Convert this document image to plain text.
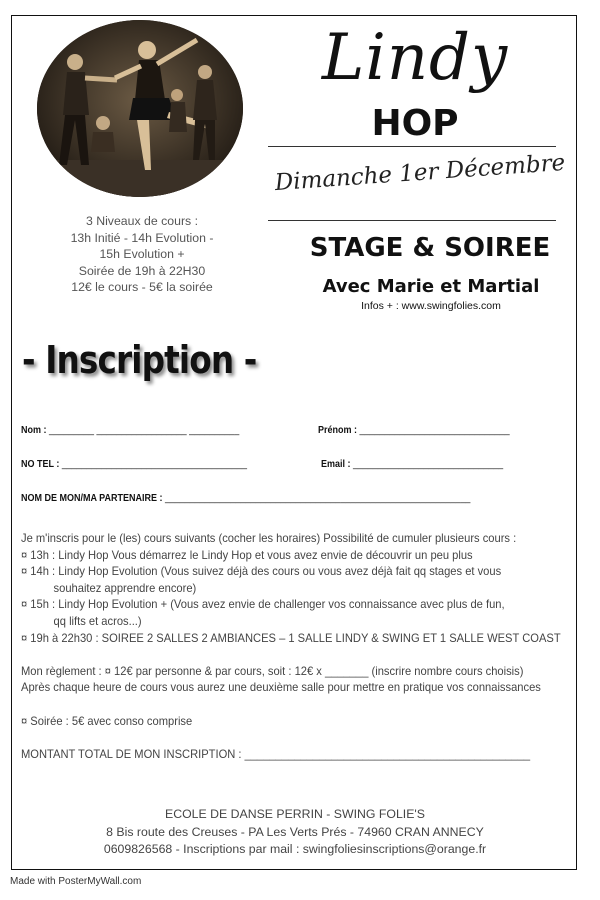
3 Niveaux de cours :
13h Initié - 14h Evolution -
15h Evolution +
Soirée de 19h à 22H30
12€ le cours - 5€ la soirée
Lindy
HOP
Dimanche 1er Décembre
STAGE & SOIREE
Avec Marie et Martial
Infos + : www.swingfolies.com
- Inscription -
Nom : _________ __________________ __________	Prénom : ______________________________
NO TEL : _____________________________________	Email : ______________________________
NOM DE MON/MA PARTENAIRE : _____________________________________________________________
Je m'inscris pour le (les) cours suivants (cocher les horaires) Possibilité de cumuler plusieurs cours :
¤ 13h : Lindy Hop Vous démarrez le Lindy Hop et vous avez envie de découvrir un peu plus
¤ 14h : Lindy Hop Evolution (Vous suivez déjà des cours ou vous avez déjà fait qq stages et vous
souhaitez apprendre encore)
¤ 15h : Lindy Hop Evolution + (Vous avez envie de challenger vos connaissance avec plus de fun,
qq lifts et acros...)
¤ 19h à 22h30 : SOIREE 2 SALLES 2 AMBIANCES – 1 SALLE LINDY & SWING ET 1 SALLE WEST COAST
Mon règlement : ¤ 12€ par personne & par cours, soit : 12€ x _______ (inscrire nombre cours choisis)
Après chaque heure de cours vous aurez une deuxième salle pour mettre en pratique vos connaissances
¤ Soirée : 5€ avec conso comprise
MONTANT TOTAL DE MON INSCRIPTION : ______________________________________________
ECOLE DE DANSE PERRIN - SWING FOLIE'S
8 Bis route des Creuses - PA Les Verts Prés - 74960 CRAN ANNECY
0609826568 - Inscriptions par mail : swingfoliesinscriptions@orange.fr
Made with PosterMyWall.com
